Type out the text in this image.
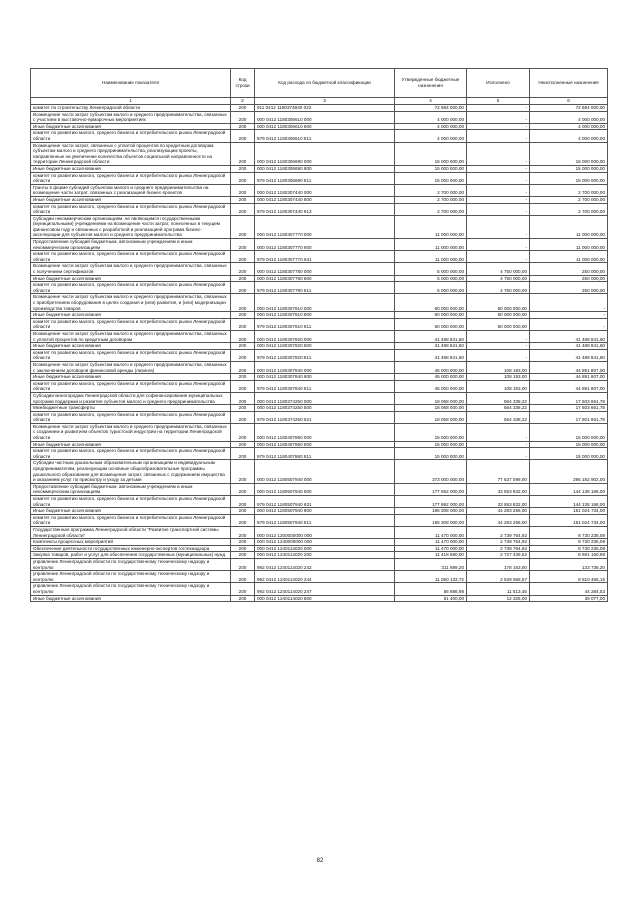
Наименование показателя	Код строки	Код расхода по бюджетной классификации	Утвержденные бюджетные назначения	Исполнено	Неисполненные назначения
1	2	3	4	5	6
комитет по строительству Ленинградской области	200	911 0412 1180374940 022	72 684 000,00	-	72 684 000,00
Возмещение части затрат субъектам малого и среднего предпринимательства, связанных с участием в выставочно-ярмарочных мероприятиях	200	000 0412 1180306610 000	4 000 000,00	-	4 000 000,00
Иные бюджетные ассигнования	200	000 0412 1180306610 800	4 000 000,00	-	4 000 000,00
комитет по развитию малого, среднего бизнеса и потребительского рынка Ленинградской области	200	979 0412 1180306610 811	4 000 000,00	-	4 000 000,00
Возмещение части затрат, связанных с уплатой процентов по кредитным договорам субъектам малого и среднего предпринимательства, реализующим проекты, направленные на увеличение количества объектов социальной направленности на территории Ленинградской области	200	000 0412 1180306690 000	15 000 000,00	-	15 000 000,00
Иные бюджетные ассигнования	200	000 0412 1180306690 800	15 000 000,00	-	15 000 000,00
комитет по развитию малого, среднего бизнеса и потребительского рынка Ленинградской области	200	979 0412 1180306690 811	15 000 000,00	-	15 000 000,00
Гранты в форме субсидий субъектам малого и среднего предпринимательства на возмещение части затрат, связанных с реализацией бизнес-проектов	200	000 0412 1180307440 000	2 700 000,00	-	2 700 000,00
Иные бюджетные ассигнования	200	000 0412 1180307440 800	2 700 000,00	-	2 700 000,00
комитет по развитию малого, среднего бизнеса и потребительского рынка Ленинградской области	200	979 0412 1180307440 813	2 700 000,00	-	2 700 000,00
Субсидии некоммерческим организациям, не являющимся государственными (муниципальными) учреждениями на возмещение части затрат, понесенных в текущем финансовом году и связанных с разработкой и реализацией программ бизнес-акселерации для субъектов малого и среднего предпринимательства	200	000 0412 1180307770 000	11 000 000,00	-	11 000 000,00
Предоставление субсидий бюджетным, автономным учреждениям и иным некоммерческим организациям	200	000 0412 1180307770 600	11 000 000,00	-	11 000 000,00
комитет по развитию малого, среднего бизнеса и потребительского рынка Ленинградской области	200	979 0412 1180307770 631	11 000 000,00	-	11 000 000,00
Возмещение части затрат субъектам малого и среднего предпринимательства, связанных с получением сертификатов	200	000 0412 1180307780 000	5 000 000,00	4 750 000,00	250 000,00
Иные бюджетные ассигнования	200	000 0412 1180307780 800	5 000 000,00	4 750 000,00	250 000,00
комитет по развитию малого, среднего бизнеса и потребительского рынка Ленинградской области	200	979 0412 1180307780 811	5 000 000,00	4 750 000,00	250 000,00
Возмещение части затрат субъектам малого и среднего предпринимательства, связанных с приобретением оборудования в целях создания и (или) развития, и (или) модернизации производства товаров	200	000 0412 1180307810 000	60 000 000,00	60 000 000,00	-
Иные бюджетные ассигнования	200	000 0412 1180307810 800	60 000 000,00	60 000 000,00	-
комитет по развитию малого, среднего бизнеса и потребительского рынка Ленинградской области	200	979 0412 1180307810 811	60 000 000,00	60 000 000,00	-
Возмещение части затрат субъектам малого и среднего предпринимательства, связанных с уплатой процентов по кредитным договорам	200	000 0412 1180307820 000	41 488 841,60	-	41 488 841,60
Иные бюджетные ассигнования	200	000 0412 1180307820 800	41 488 841,60	-	41 488 841,60
комитет по развитию малого, среднего бизнеса и потребительского рынка Ленинградской области	200	979 0412 1180307820 811	41 488 841,60	-	41 488 841,60
Возмещение части затрат субъектам малого и среднего предпринимательства, связанных с заключением договоров финансовой аренды (лизинга)	200	000 0412 1180307840 000	45 000 000,00	108 193,00	44 891 807,00
Иные бюджетные ассигнования	200	000 0412 1180307840 800	45 000 000,00	108 193,00	44 891 807,00
комитет по развитию малого, среднего бизнеса и потребительского рынка Ленинградской области	200	979 0412 1180307840 811	45 000 000,00	108 193,00	44 891 807,00
Субсидии моногородам Ленинградской области для софинансирования муниципальных программ поддержки и развития субъектов малого и среднего предпринимательства	200	000 0412 1180374250 000	18 068 000,00	564 338,22	17 503 661,78
Межбюджетные трансферты	200	000 0412 1180374250 500	18 068 000,00	564 338,22	17 503 661,78
комитет по развитию малого, среднего бизнеса и потребительского рынка Ленинградской области	200	979 0412 1180374250 521	18 068 000,00	564 338,22	17 501 661,78
Возмещение части затрат субъектам малого и среднего предпринимательства, связанных с созданием и развитием объектов туристской индустрии на территории Ленинградской области	200	000 0412 1180407860 000	15 000 000,00	-	15 000 000,00
Иные бюджетные ассигнования	200	000 0412 1180407860 800	15 000 000,00	-	15 000 000,00
комитет по развитию малого, среднего бизнеса и потребительского рынка Ленинградской области	200	979 0412 1180407860 811	15 000 000,00	-	15 000 000,00
Субсидии частным дошкольным образовательным организациям и индивидуальным предпринимателям, реализующим основные общеобразовательные программы дошкольного образования для возмещения затрат, связанных с содержанием имущества и оказанием услуг по присмотру и уходу за детьми	200	000 0412 1180507940 000	373 000 000,00	77 637 098,00	295 182 902,00
Предоставление субсидий бюджетным, автономным учреждениям и иным некоммерческим организациям	200	000 0412 1180507940 600	177 692 000,00	33 553 832,00	144 138 168,00
комитет по развитию малого, среднего бизнеса и потребительского рынка Ленинградской области	200	979 0412 1180507940 631	177 692 000,00	33 553 832,00	144 138 168,00
Иные бюджетные ассигнования	200	000 0412 1180507940 800	195 308 000,00	44 283 266,00	151 024 734,00
комитет по развитию малого, среднего бизнеса и потребительского рынка Ленинградской области	200	979 0412 1180507940 811	195 308 000,00	44 283 266,00	151 024 734,00
Государственная программа Ленинградской области "Развитие транспортной системы Ленинградской области"	200	000 0412 1200000000 000	11 470 000,00	2 739 764,92	8 730 235,08
Комплексы процессных мероприятий	200	000 0412 1240000000 000	11 470 000,00	2 739 764,92	8 730 235,08
Обеспечение деятельности государственных инженерно-экспертов гостехнадзора	200	000 0412 1240114020 000	11 470 000,00	2 739 764,92	8 730 235,08
Закупка товаров, работ и услуг для обеспечения государственных (муниципальных) нужд	200	000 0412 1240114020 200	11 418 580,00	2 727 439,52	8 691 160,98
управление Ленинградской области по государственному техническому надзору и контролю	200	992 0412 1240114020 242	311 899,20	178 163,00	133 736,20
управление Ленинградской области по государственному техническому надзору и контролю	200	992 0412 1240114020 244	11 050 133,72	2 539 668,57	8 510 465,15
управление Ленинградской области по государственному техническому надзору и контролю	200	992 0412 1240114020 247	56 886,98	11 513,45	44 284,53
Иные бюджетные ассигнования	200	000 0412 1240114020 800	51 400,00	12 325,00	39 077,00
82
